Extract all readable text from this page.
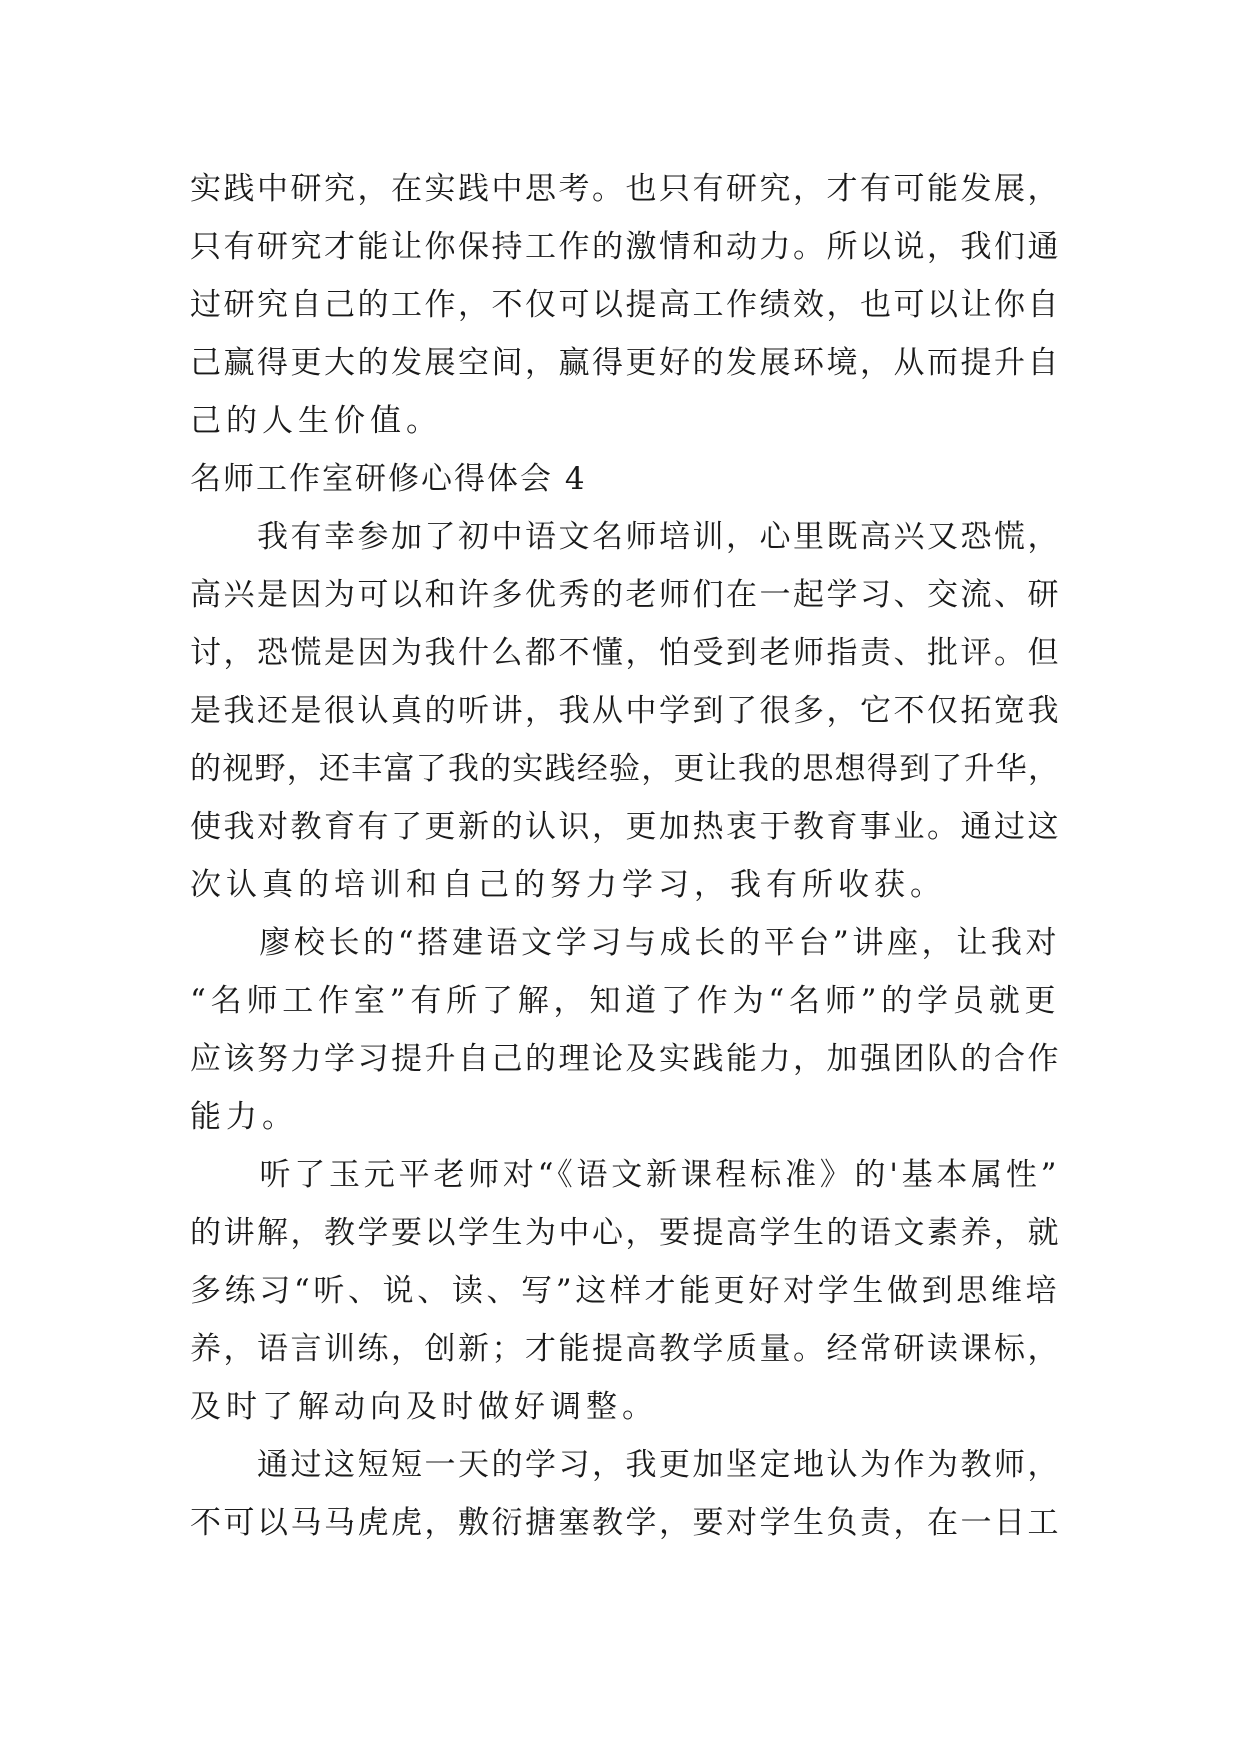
实践中研究，在实践中思考。也只有研究，才有可能发展，
只有研究才能让你保持工作的激情和动力。所以说，我们通
过研究自己的工作，不仅可以提高工作绩效，也可以让你自
己赢得更大的发展空间，赢得更好的发展环境，从而提升自
己的人生价值。
名师工作室研修心得体会 4
　　我有幸参加了初中语文名师培训，心里既高兴又恐慌，
高兴是因为可以和许多优秀的老师们在一起学习、交流、研
讨，恐慌是因为我什么都不懂，怕受到老师指责、批评。但
是我还是很认真的听讲，我从中学到了很多，它不仅拓宽我
的视野，还丰富了我的实践经验，更让我的思想得到了升华，
使我对教育有了更新的认识，更加热衷于教育事业。通过这
次认真的培训和自己的努力学习，我有所收获。
　　廖校长的“搭建语文学习与成长的平台”讲座，让我对
“名师工作室”有所了解，知道了作为“名师”的学员就更
应该努力学习提升自己的理论及实践能力，加强团队的合作
能力。
　　听了玉元平老师对“《语文新课程标准》的'基本属性”
的讲解，教学要以学生为中心，要提高学生的语文素养，就
多练习“听、说、读、写”这样才能更好对学生做到思维培
养，语言训练，创新；才能提高教学质量。经常研读课标，
及时了解动向及时做好调整。
　　通过这短短一天的学习，我更加坚定地认为作为教师，
不可以马马虎虎，敷衍搪塞教学，要对学生负责，在一日工
